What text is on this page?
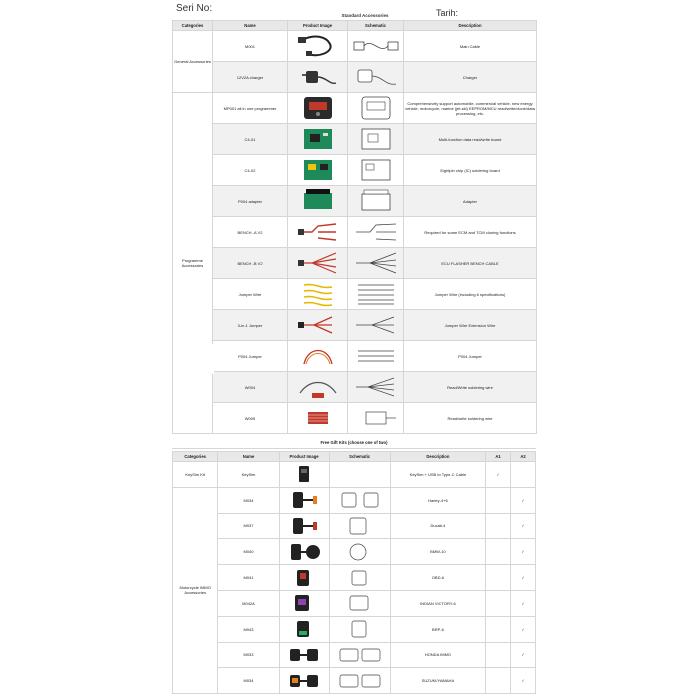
Seri No:	Tarih:
Standard Accessories
Categories	Name	Product Image	Schematic	Description
General Accessories	M001			Main Cable
	12V2A charger			Charger
Programme Accessories	MP001 all in one programmer			Comprehensively support automobile, commercial vehicle, new energy vehicle, motorcycle, marine (jet-ski) EEPROM/MCU read/write/clone/data processing, etc.
	C4-01			Multi-function data read/write board
	C4-02			Eightpin chip (IC) soldering board
	P004 adapter			Adapter
	BENCH -A V2			Required for some ECM and TCM cloning functions
	BENCH -B V2			ECU FLASHER BENCH CABLE
	Jumper Wire			Jumper Wire (including 6 specifications)
	3-in-1 Jumper			Jumper Wire Extension Wire
	P004 Jumper			P004 Jumper
	W004			Read/Write soldering wire
	W005			Read/write soldering wire
Free Gift Kits (choose one of two)
Categories	Name	Product Image	Schematic	Description	A1	A2
KeySim Kit	KeySim			KeySim + USB to Type-C Cable	✓	
Motorcycle IMMO Accessories	M034			Harley-4+6		✓
	M037			Ducati-4		✓
	M040			BMW-10		✓
	M041			OBD-6		✓
	M042A			INDIAN VICTORY-6		✓
	M043			BRP-6		✓
	M033			HONDA IMMO		✓
	M034			SUZUKI/YAMAHA		✓
